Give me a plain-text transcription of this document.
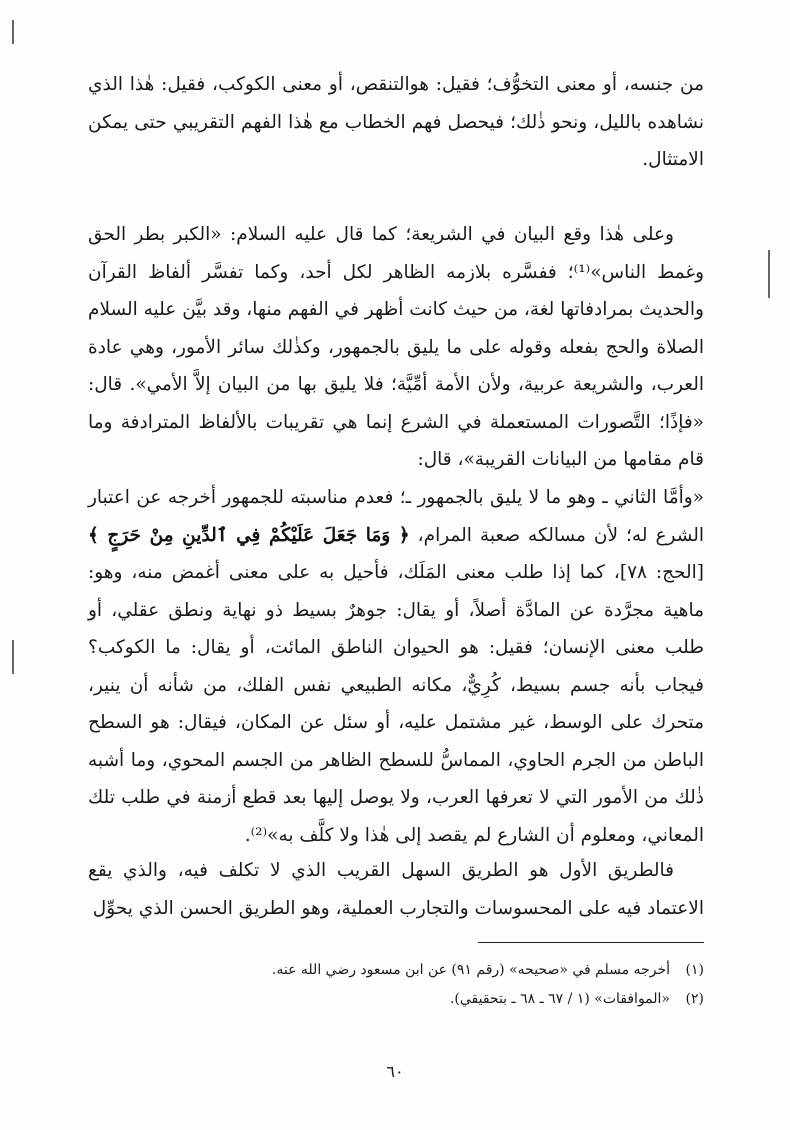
من جنسه، أو معنى التخوُّف؛ فقيل: هوالتنقص، أو معنى الكوكب، فقيل: هٰذا الذي نشاهده بالليل، ونحو ذٰلك؛ فيحصل فهم الخطاب مع هٰذا الفهم التقريبي حتى يمكن الامتثال.

وعلى هٰذا وقع البيان في الشريعة؛ كما قال عليه السلام: «الكبر بطر الحق وغمط الناس»⁽¹⁾؛ ففسَّره بلازمه الظاهر لكل أحد، وكما تفسَّر ألفاظ القرآن والحديث بمرادفاتها لغة، من حيث كانت أظهر في الفهم منها، وقد بيَّن عليه السلام الصلاة والحج بفعله وقوله على ما يليق بالجمهور، وكذٰلك سائر الأمور، وهي عادة العرب، والشريعة عربية، ولأن الأمة أمِّيَّة؛ فلا يليق بها من البيان إلاَّ الأمي». قال: «فإذًا؛ التَّصورات المستعملة في الشرع إنما هي تقريبات بالألفاظ المترادفة وما قام مقامها من البيانات القريبة»، قال:

«وأمَّا الثاني ـ وهو ما لا يليق بالجمهور ـ؛ فعدم مناسبته للجمهور أخرجه عن اعتبار الشرع له؛ لأن مسالكه صعبة المرام، ﴿ وَمَا جَعَلَ عَلَيْكُمْ فِي ٱلدِّينِ مِنْ حَرَجٍ ﴾ [الحج: ٧٨]، كما إذا طلب معنى المَلَك، فأحيل به على معنى أغمض منه، وهو: ماهية مجرَّدة عن المادَّة أصلاً، أو يقال: جوهرٌ بسيط ذو نهاية ونطق عقلي، أو طلب معنى الإنسان؛ فقيل: هو الحيوان الناطق المائت، أو يقال: ما الكوكب؟ فيجاب بأنه جسم بسيط، كُرِيٌّ، مكانه الطبيعي نفس الفلك، من شأنه أن ينير، متحرك على الوسط، غير مشتمل عليه، أو سئل عن المكان، فيقال: هو السطح الباطن من الجرم الحاوي، المماسُّ للسطح الظاهر من الجسم المحوي، وما أشبه ذٰلك من الأمور التي لا تعرفها العرب، ولا يوصل إليها بعد قطع أزمنة في طلب تلك المعاني، ومعلوم أن الشارع لم يقصد إلى هٰذا ولا كلَّف به»⁽²⁾.

فالطريق الأول هو الطريق السهل القريب الذي لا تكلف فيه، والذي يقع الاعتماد فيه على المحسوسات والتجارب العملية، وهو الطريق الحسن الذي يحوِّل

(١)أخرجه مسلم في «صحيحه» (رقم ٩١) عن ابن مسعود رضي الله عنه.

(٢)«الموافقات» (١ / ٦٧ ـ ٦٨ ـ بتحقيقي).

٦٠
